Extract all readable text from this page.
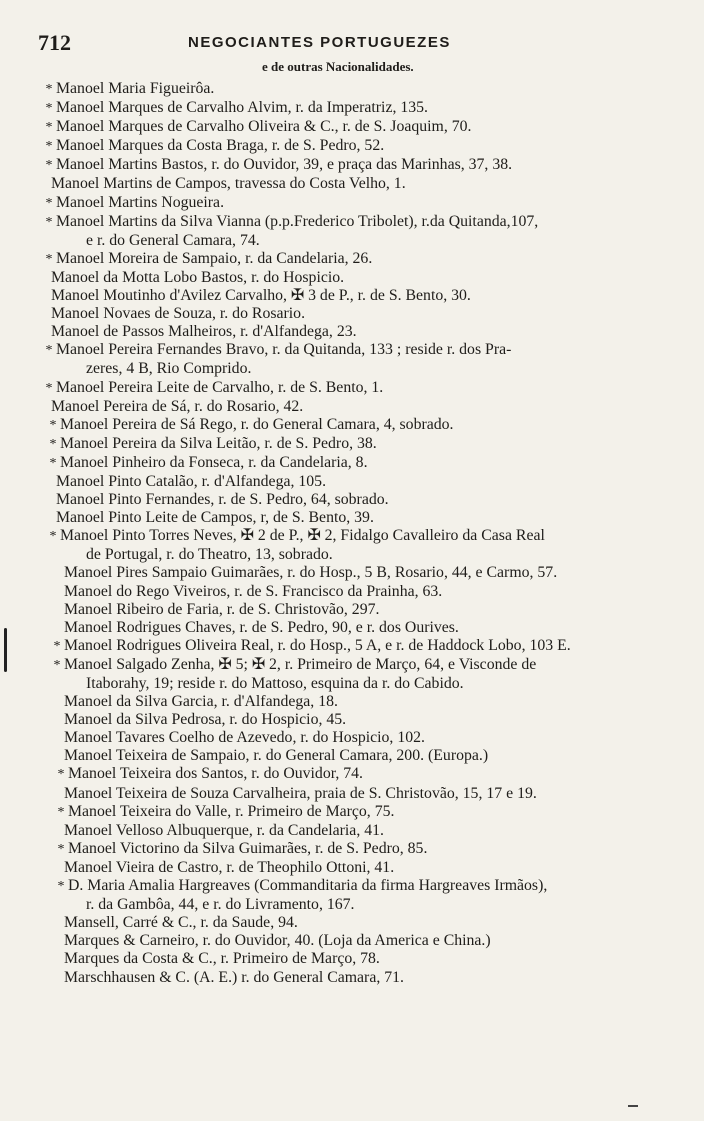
712	NEGOCIANTES PORTUGUEZES
e de outras Nacionalidades.
* Manoel Maria Figueirôa.
* Manoel Marques de Carvalho Alvim, r. da Imperatriz, 135.
* Manoel Marques de Carvalho Oliveira & C., r. de S. Joaquim, 70.
* Manoel Marques da Costa Braga, r. de S. Pedro, 52.
* Manoel Martins Bastos, r. do Ouvidor, 39, e praça das Marinhas, 37, 38.
Manoel Martins de Campos, travessa do Costa Velho, 1.
* Manoel Martins Nogueira.
* Manoel Martins da Silva Vianna (p.p.Frederico Tribolet), r.da Quitanda,107,
e r. do General Camara, 74.
* Manoel Moreira de Sampaio, r. da Candelaria, 26.
Manoel da Motta Lobo Bastos, r. do Hospicio.
Manoel Moutinho d'Avilez Carvalho, ✠ 3 de P., r. de S. Bento, 30.
Manoel Novaes de Souza, r. do Rosario.
Manoel de Passos Malheiros, r. d'Alfandega, 23.
* Manoel Pereira Fernandes Bravo, r. da Quitanda, 133 ; reside r. dos Pra-
zeres, 4 B, Rio Comprido.
* Manoel Pereira Leite de Carvalho, r. de S. Bento, 1.
Manoel Pereira de Sá, r. do Rosario, 42.
* Manoel Pereira de Sá Rego, r. do General Camara, 4, sobrado.
* Manoel Pereira da Silva Leitão, r. de S. Pedro, 38.
* Manoel Pinheiro da Fonseca, r. da Candelaria, 8.
Manoel Pinto Catalão, r. d'Alfandega, 105.
Manoel Pinto Fernandes, r. de S. Pedro, 64, sobrado.
Manoel Pinto Leite de Campos, r, de S. Bento, 39.
* Manoel Pinto Torres Neves, ✠ 2 de P., ✠ 2, Fidalgo Cavalleiro da Casa Real
de Portugal, r. do Theatro, 13, sobrado.
Manoel Pires Sampaio Guimarães, r. do Hosp., 5 B, Rosario, 44, e Carmo, 57.
Manoel do Rego Viveiros, r. de S. Francisco da Prainha, 63.
Manoel Ribeiro de Faria, r. de S. Christovão, 297.
Manoel Rodrigues Chaves, r. de S. Pedro, 90, e r. dos Ourives.
* Manoel Rodrigues Oliveira Real, r. do Hosp., 5 A, e r. de Haddock Lobo, 103 E.
* Manoel Salgado Zenha, ✠ 5; ✠ 2, r. Primeiro de Março, 64, e Visconde de
Itaborahy, 19; reside r. do Mattoso, esquina da r. do Cabido.
Manoel da Silva Garcia, r. d'Alfandega, 18.
Manoel da Silva Pedrosa, r. do Hospicio, 45.
Manoel Tavares Coelho de Azevedo, r. do Hospicio, 102.
Manoel Teixeira de Sampaio, r. do General Camara, 200. (Europa.)
* Manoel Teixeira dos Santos, r. do Ouvidor, 74.
Manoel Teixeira de Souza Carvalheira, praia de S. Christovão, 15, 17 e 19.
* Manoel Teixeira do Valle, r. Primeiro de Março, 75.
Manoel Velloso Albuquerque, r. da Candelaria, 41.
* Manoel Victorino da Silva Guimarães, r. de S. Pedro, 85.
Manoel Vieira de Castro, r. de Theophilo Ottoni, 41.
* D. Maria Amalia Hargreaves (Commanditaria da firma Hargreaves Irmãos),
r. da Gambôa, 44, e r. do Livramento, 167.
Mansell, Carré & C., r. da Saude, 94.
Marques & Carneiro, r. do Ouvidor, 40. (Loja da America e China.)
Marques da Costa & C., r. Primeiro de Março, 78.
Marschhausen & C. (A. E.) r. do General Camara, 71.
